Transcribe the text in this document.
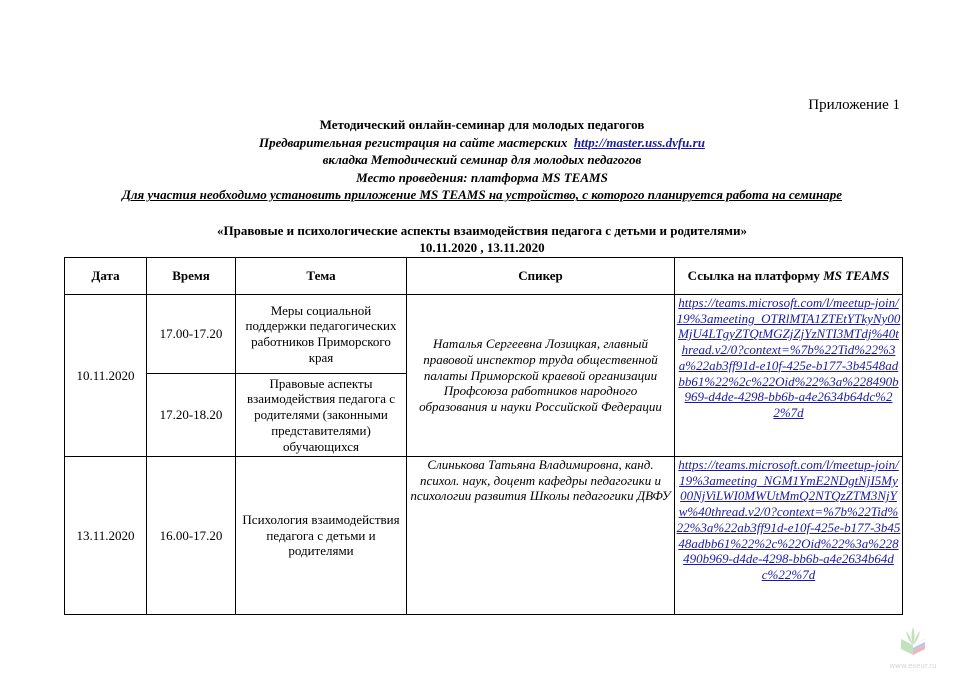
Приложение 1
Методический онлайн-семинар для молодых педагогов
Предварительная регистрация на сайте мастерских http://master.uss.dvfu.ru
вкладка Методический семинар для молодых педагогов
Место проведения: платформа MS TEAMS
Для участия необходимо установить приложение MS TEAMS на устройство, с которого планируется работа на семинаре
«Правовые и психологические аспекты взаимодействия педагога с детьми и родителями»
10.11.2020 , 13.11.2020
Дата	Время	Тема	Спикер	Ссылка на платформу MS TEAMS
10.11.2020	17.00-17.20	Меры социальной поддержки педагогических работников Приморского края	Наталья Сергеевна Лозицкая, главный правовой инспектор труда общественной палаты Приморской краевой организации Профсоюза работников народного образования и науки Российской Федерации	https://teams.microsoft.com/l/meetup-join/19%3ameeting_OTRlMTA1ZTEtYTkyNy00MjU4LTgyZTQtMGZjZjYzNTI3MTdj%40thread.v2/0?context=%7b%22Tid%22%3a%22ab3ff91d-e10f-425e-b177-3b4548adbb61%22%2c%22Oid%22%3a%228490b969-d4de-4298-bb6b-a4e2634b64dc%22%7d

	17.20-18.20	Правовые аспекты взаимодействия педагога с родителями (законными представителями) обучающихся		
13.11.2020	16.00-17.20	Психология взаимодействия педагога с детьми и родителями	Слинькова Татьяна Владимировна, канд. психол. наук, доцент кафедры педагогики и психологии развития Школы педагогики ДВФУ	https://teams.microsoft.com/l/meetup-join/19%3ameeting_NGM1YmE2NDgtNjI5My00NjViLWI0MWUtMmQ2NTQzZTM3NjYw%40thread.v2/0?context=%7b%22Tid%22%3a%22ab3ff91d-e10f-425e-b177-3b4548adbb61%22%2c%22Oid%22%3a%228490b969-d4de-4298-bb6b-a4e2634b64dc%22%7d
www.eseur.ru
